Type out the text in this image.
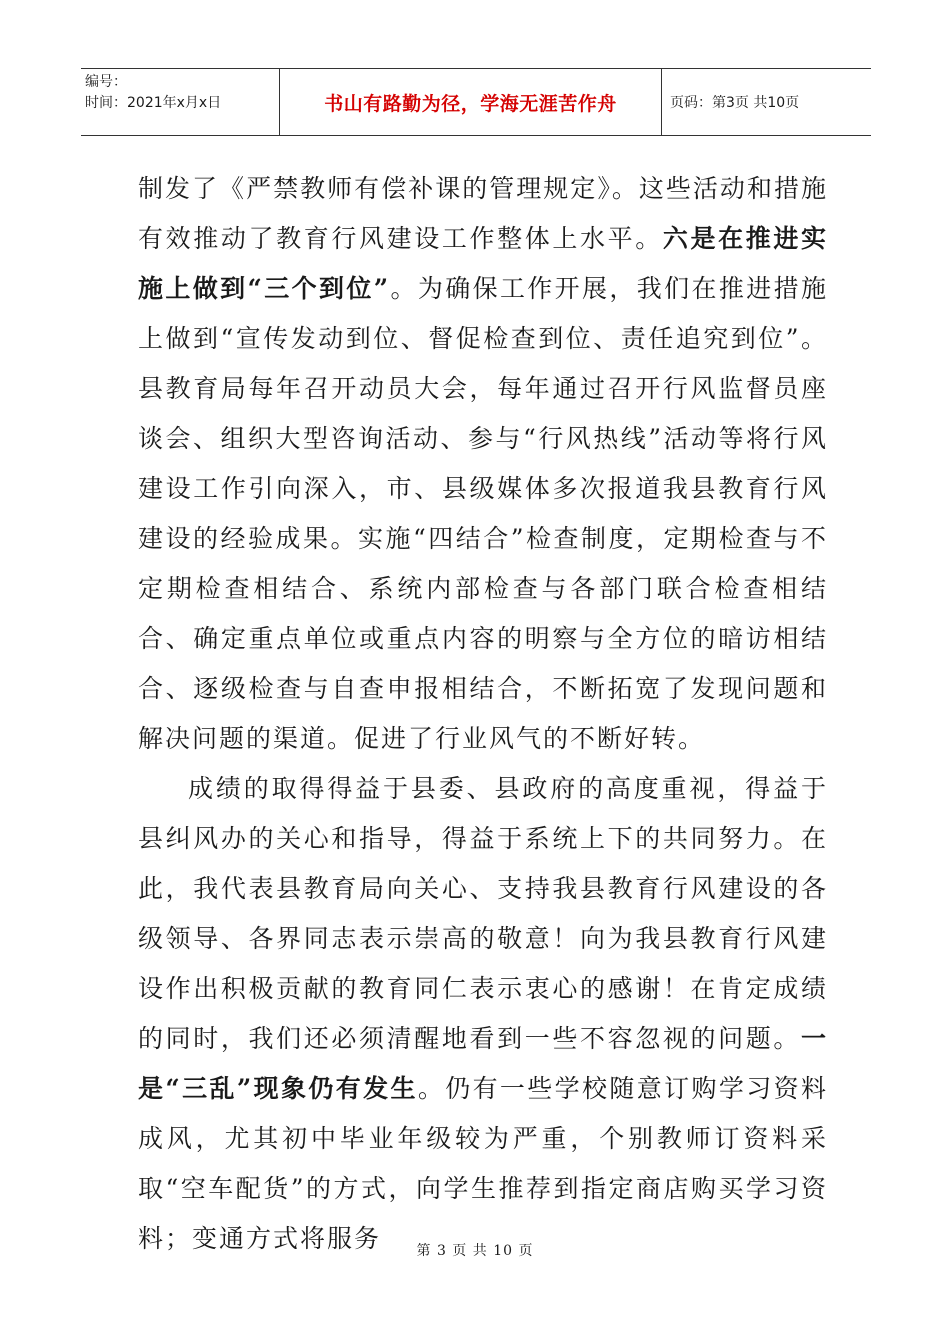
编号：
时间：2021年x月x日	书山有路勤为径，学海无涯苦作舟	页码：第3页 共10页

制发了《严禁教师有偿补课的管理规定》。这些活动和措施有效推动了教育行风建设工作整体上水平。六是在推进实施上做到“三个到位”。为确保工作开展，我们在推进措施上做到“宣传发动到位、督促检查到位、责任追究到位”。县教育局每年召开动员大会，每年通过召开行风监督员座谈会、组织大型咨询活动、参与“行风热线”活动等将行风建设工作引向深入，市、县级媒体多次报道我县教育行风建设的经验成果。实施“四结合”检查制度，定期检查与不定期检查相结合、系统内部检查与各部门联合检查相结合、确定重点单位或重点内容的明察与全方位的暗访相结合、逐级检查与自查申报相结合，不断拓宽了发现问题和解决问题的渠道。促进了行业风气的不断好转。

成绩的取得得益于县委、县政府的高度重视，得益于县纠风办的关心和指导，得益于系统上下的共同努力。在此，我代表县教育局向关心、支持我县教育行风建设的各级领导、各界同志表示崇高的敬意！向为我县教育行风建设作出积极贡献的教育同仁表示衷心的感谢！在肯定成绩的同时，我们还必须清醒地看到一些不容忽视的问题。一是“三乱”现象仍有发生。仍有一些学校随意订购学习资料成风，尤其初中毕业年级较为严重，个别教师订资料采取“空车配货”的方式，向学生推荐到指定商店购买学习资料；变通方式将服务	第 3 页 共 10 页
